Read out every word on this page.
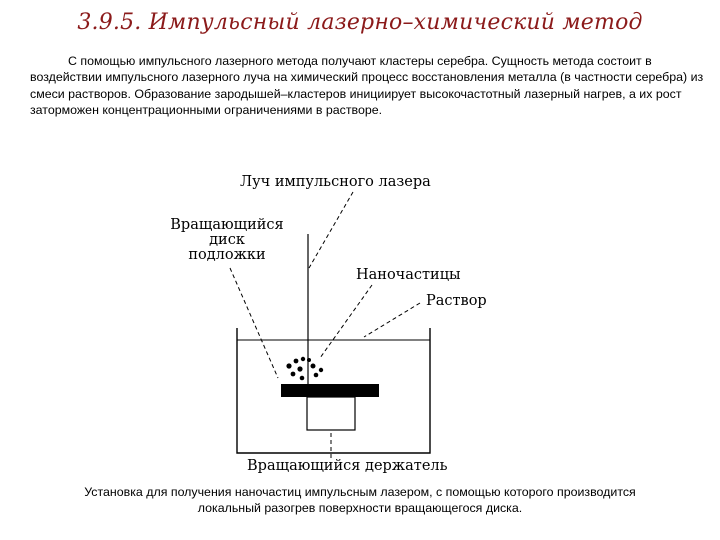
3.9.5. Импульсный лазерно–химический метод
С помощью импульсного лазерного метода получают кластеры серебра. Сущность метода состоит в воздействии импульсного лазерного луча на химический процесс восстановления металла (в частности серебра) из смеси растворов. Образование зародышей–кластеров инициирует высокочастотный лазерный нагрев, а их рост заторможен концентрационными ограничениями в растворе.
Луч импульсного лазера
Вращающийся
диск
подложки
Наночастицы
Раствор
Вращающийся держатель
Установка для получения наночастиц импульсным лазером, с помощью которого производится
локальный разогрев поверхности вращающегося диска.
